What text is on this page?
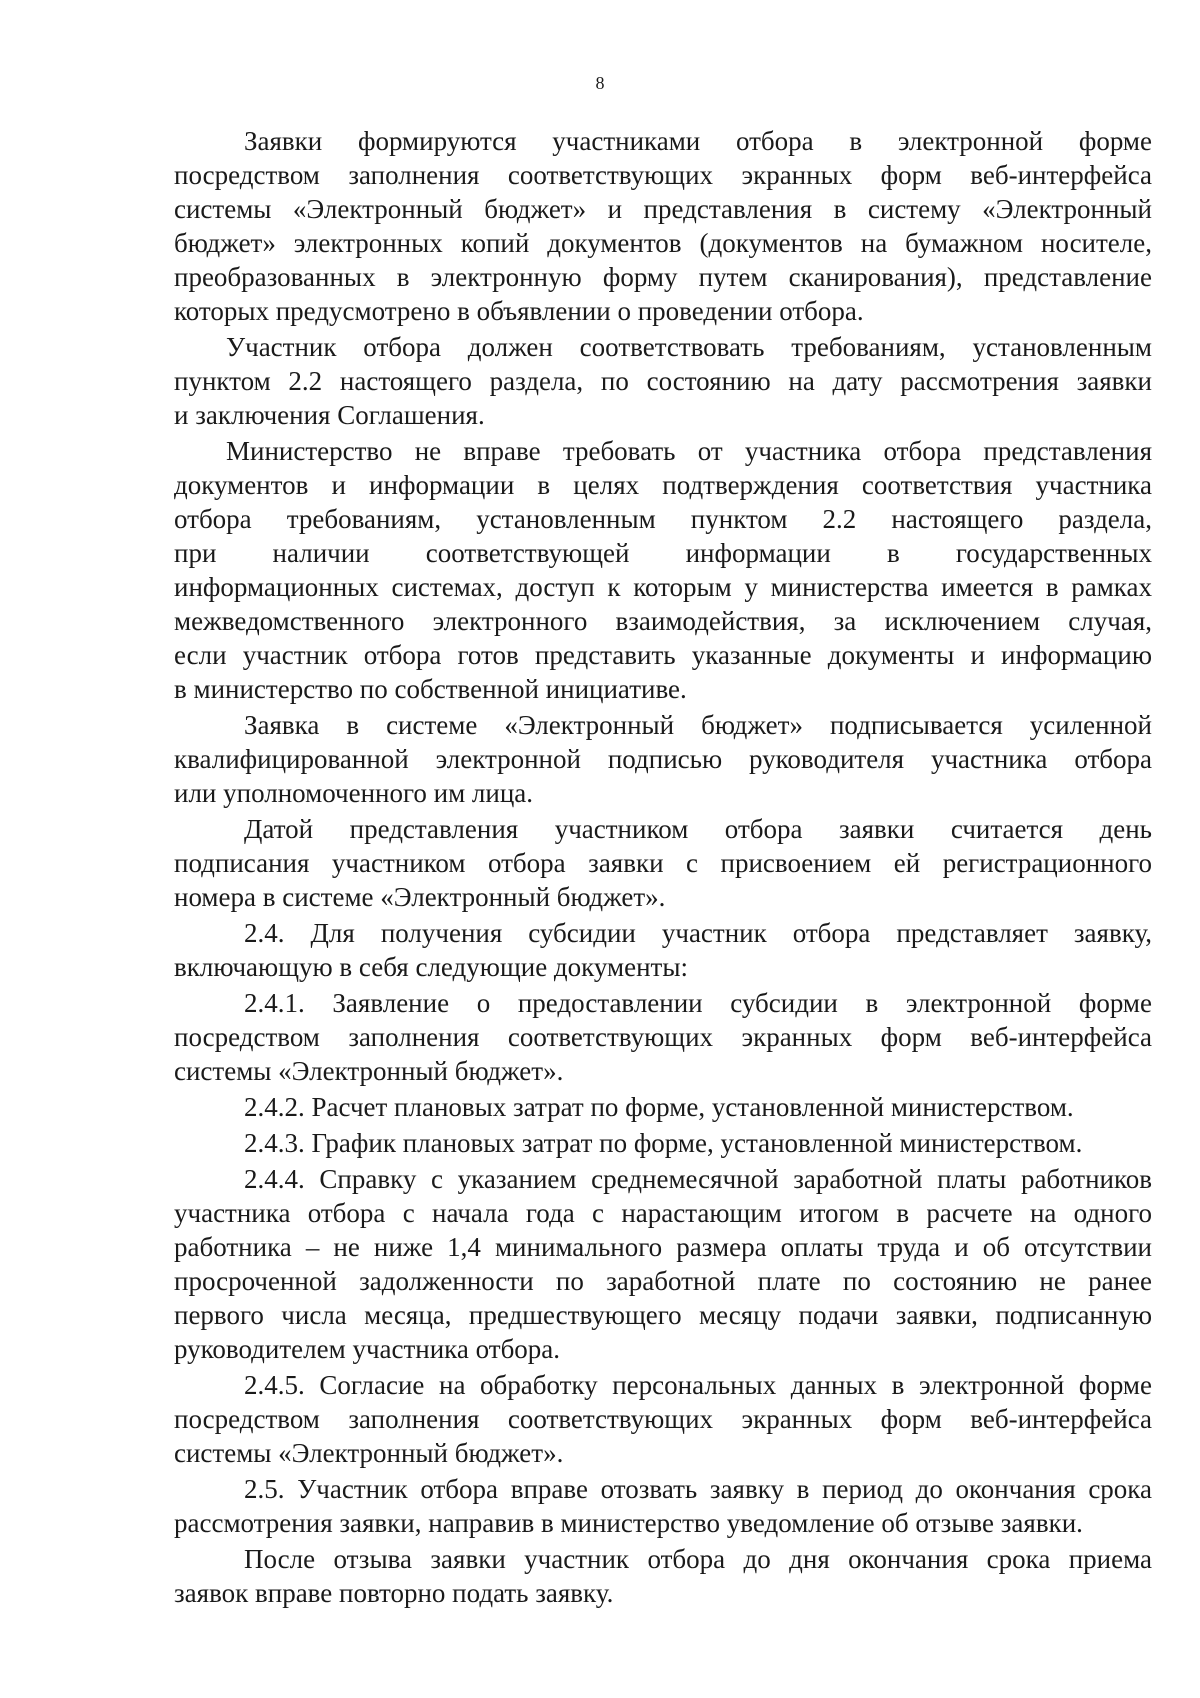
8

Заявки формируются участниками отбора в электронной форме
посредством заполнения соответствующих экранных форм веб-интерфейса
системы «Электронный бюджет» и представления в систему «Электронный
бюджет» электронных копий документов (документов на бумажном носителе,
преобразованных в электронную форму путем сканирования), представление
которых предусмотрено в объявлении о проведении отбора.

Участник отбора должен соответствовать требованиям, установленным
пунктом 2.2 настоящего раздела, по состоянию на дату рассмотрения заявки
и заключения Соглашения.

Министерство не вправе требовать от участника отбора представления
документов и информации в целях подтверждения соответствия участника
отбора требованиям, установленным пунктом 2.2 настоящего раздела,
при наличии соответствующей информации в государственных
информационных системах, доступ к которым у министерства имеется в рамках
межведомственного электронного взаимодействия, за исключением случая,
если участник отбора готов представить указанные документы и информацию
в министерство по собственной инициативе.

Заявка в системе «Электронный бюджет» подписывается усиленной
квалифицированной электронной подписью руководителя участника отбора
или уполномоченного им лица.

Датой представления участником отбора заявки считается день
подписания участником отбора заявки с присвоением ей регистрационного
номера в системе «Электронный бюджет».

2.4. Для получения субсидии участник отбора представляет заявку,
включающую в себя следующие документы:

2.4.1. Заявление о предоставлении субсидии в электронной форме
посредством заполнения соответствующих экранных форм веб-интерфейса
системы «Электронный бюджет».

2.4.2. Расчет плановых затрат по форме, установленной министерством.

2.4.3. График плановых затрат по форме, установленной министерством.

2.4.4. Справку с указанием среднемесячной заработной платы работников
участника отбора с начала года с нарастающим итогом в расчете на одного
работника – не ниже 1,4 минимального размера оплаты труда и об отсутствии
просроченной задолженности по заработной плате по состоянию не ранее
первого числа месяца, предшествующего месяцу подачи заявки, подписанную
руководителем участника отбора.

2.4.5. Согласие на обработку персональных данных в электронной форме
посредством заполнения соответствующих экранных форм веб-интерфейса
системы «Электронный бюджет».

2.5. Участник отбора вправе отозвать заявку в период до окончания срока
рассмотрения заявки, направив в министерство уведомление об отзыве заявки.

После отзыва заявки участник отбора до дня окончания срока приема
заявок вправе повторно подать заявку.
